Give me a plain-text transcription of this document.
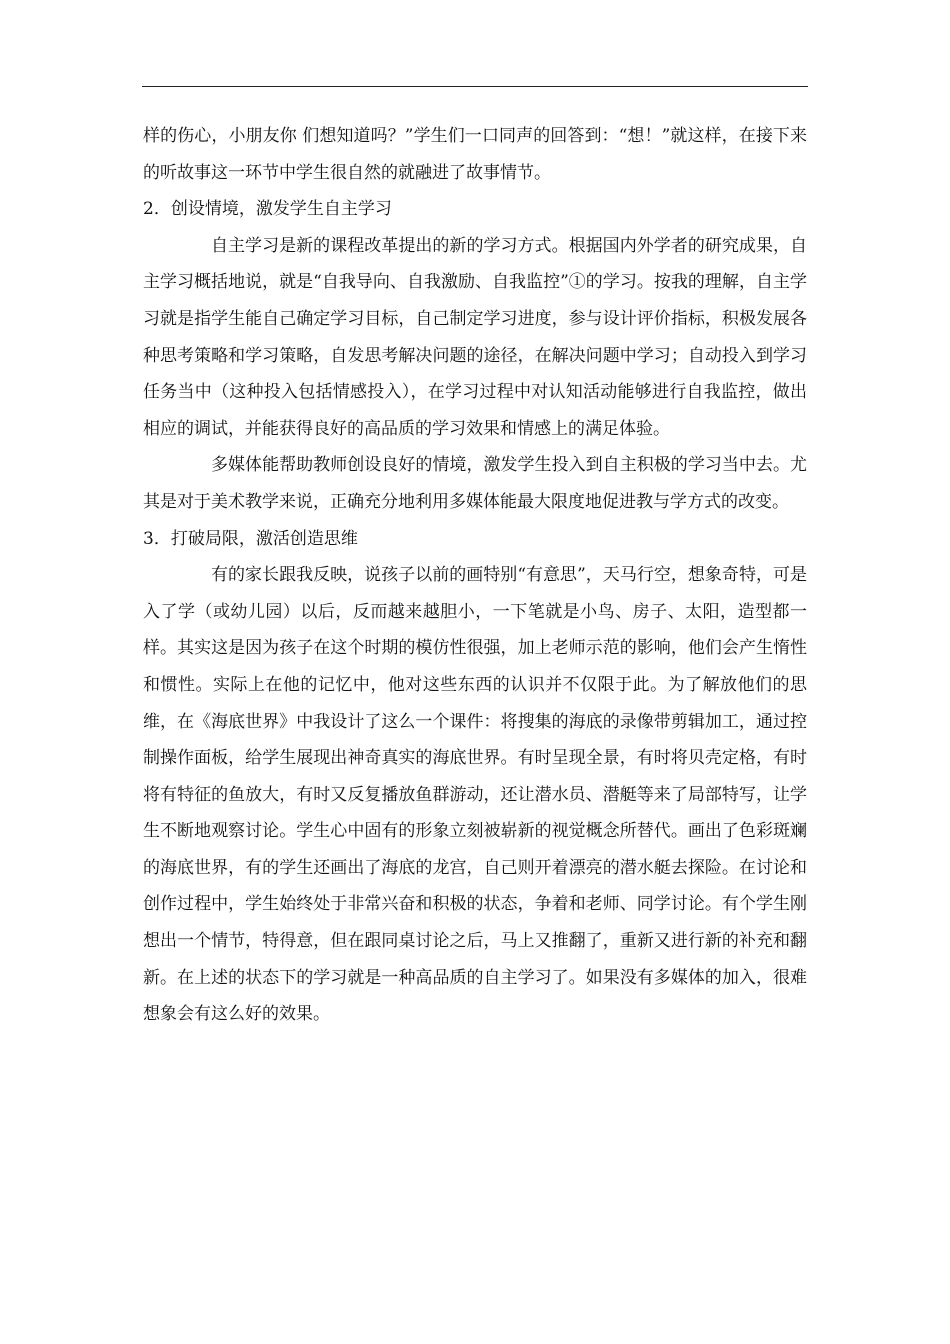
样的伤心，小朋友你 们想知道吗？”学生们一口同声的回答到：“想！”就这样，在接下来的听故事这一环节中学生很自然的就融进了故事情节。

2．创设情境，激发学生自主学习

自主学习是新的课程改革提出的新的学习方式。根据国内外学者的研究成果，自主学习概括地说，就是“自我导向、自我激励、自我监控”①的学习。按我的理解，自主学习就是指学生能自己确定学习目标，自己制定学习进度，参与设计评价指标，积极发展各种思考策略和学习策略，自发思考解决问题的途径，在解决问题中学习；自动投入到学习任务当中（这种投入包括情感投入），在学习过程中对认知活动能够进行自我监控，做出相应的调试，并能获得良好的高品质的学习效果和情感上的满足体验。

多媒体能帮助教师创设良好的情境，激发学生投入到自主积极的学习当中去。尤其是对于美术教学来说，正确充分地利用多媒体能最大限度地促进教与学方式的改变。

3．打破局限，激活创造思维

有的家长跟我反映，说孩子以前的画特别“有意思”，天马行空，想象奇特，可是入了学（或幼儿园）以后，反而越来越胆小，一下笔就是小鸟、房子、太阳，造型都一样。其实这是因为孩子在这个时期的模仿性很强，加上老师示范的影响，他们会产生惰性和惯性。实际上在他的记忆中，他对这些东西的认识并不仅限于此。为了解放他们的思维，在《海底世界》中我设计了这么一个课件：将搜集的海底的录像带剪辑加工，通过控制操作面板，给学生展现出神奇真实的海底世界。有时呈现全景，有时将贝壳定格，有时将有特征的鱼放大，有时又反复播放鱼群游动，还让潜水员、潜艇等来了局部特写，让学生不断地观察讨论。学生心中固有的形象立刻被崭新的视觉概念所替代。画出了色彩斑斓的海底世界，有的学生还画出了海底的龙宫，自己则开着漂亮的潜水艇去探险。在讨论和创作过程中，学生始终处于非常兴奋和积极的状态，争着和老师、同学讨论。有个学生刚想出一个情节，特得意，但在跟同桌讨论之后，马上又推翻了，重新又进行新的补充和翻新。在上述的状态下的学习就是一种高品质的自主学习了。如果没有多媒体的加入，很难想象会有这么好的效果。
